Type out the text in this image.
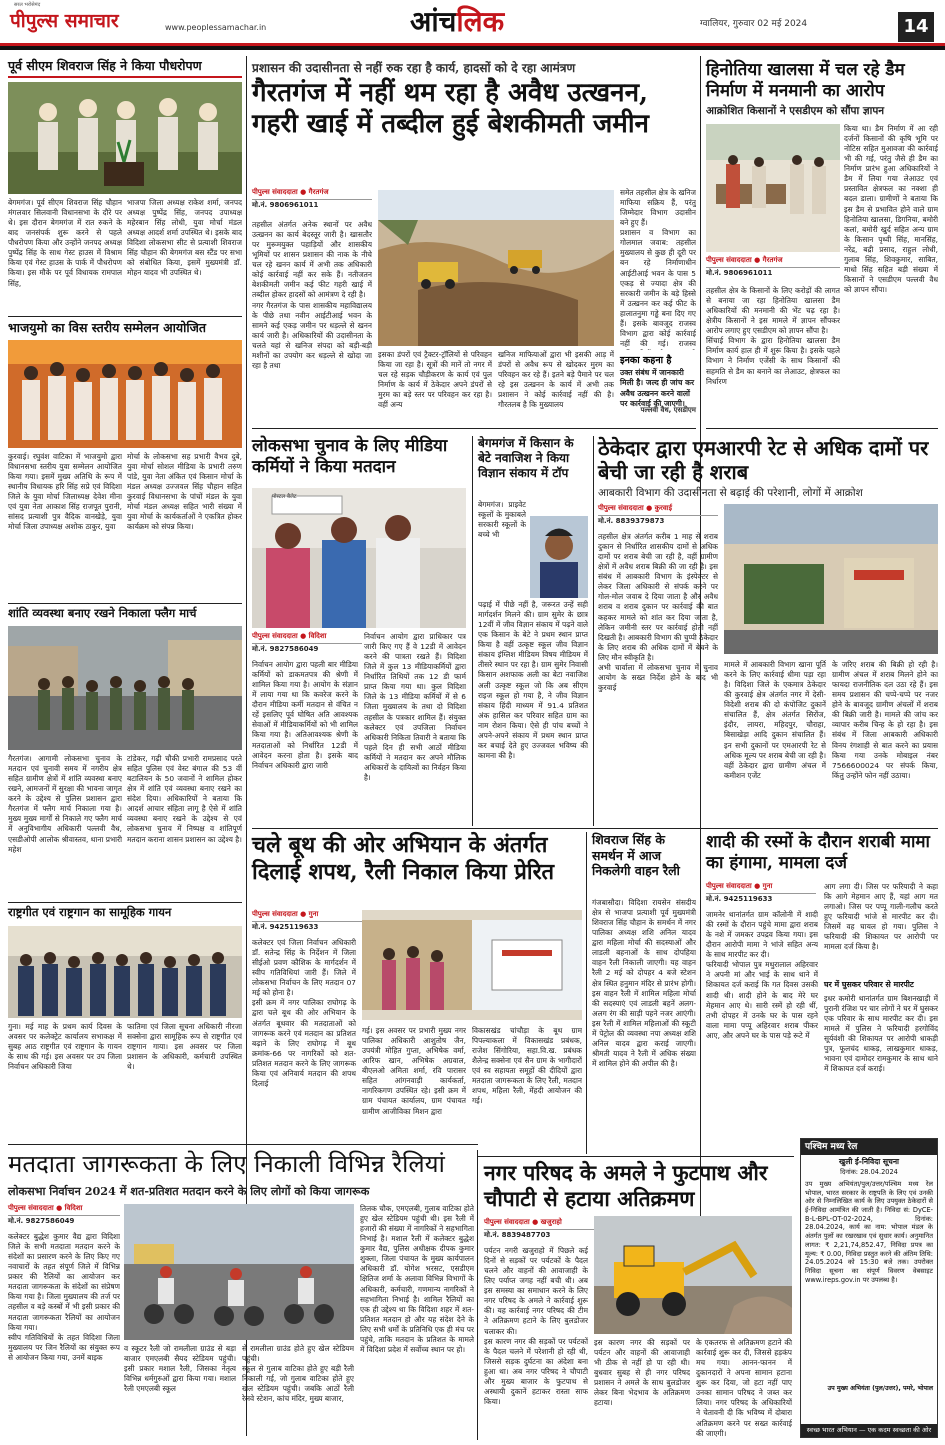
सरल भरोसेमंद
पीपुल्स समाचार	www.peoplessamachar.in	आंचलिक	ग्वालियर, गुरुवार 02 मई 2024	14
पूर्व सीएम शिवराज सिंह ने किया पौधरोपण
बेगमगंज। पूर्व सीएम शिवराज सिंह चौहान मंगलवार सिलवानी विधानसभा के दौरे पर थे। इस दौरान बेगमगंज में रात रुकने के बाद जनसंपर्क शुरू करने से पहले पौधरोपण किया और उन्होंने जनपद अध्यक्ष पुष्पेंद्र सिंह के साथ गेस्ट हाउस में विश्राम किया एवं गेस्ट हाउस के पार्क में पौधरोपण किया। इस मौके पर पूर्व विधायक रामपाल सिंह,
भाजपा जिला अध्यक्ष राकेश शर्मा, जनपद अध्यक्ष पुष्पेंद्र सिंह, जनपद उपाध्यक्ष महेरबान सिंह लोधी, युवा मोर्चा मंडल अध्यक्ष आदर्श शर्मा उपस्थित थे। इसके बाद विदिशा लोकसभा सीट से प्रत्याशी शिवराज सिंह चौहान की बेगमगंज बस स्टैंड पर सभा को संबोधित किया, इसमें मुख्यमंत्री डॉ. मोहन यादव भी उपस्थित थे।
भाजयुमो का विस स्तरीय सम्मेलन आयोजित
कुरवाई। रघुवंश वाटिका में भाजयुमो द्वारा विधानसभा स्तरीय युवा सम्मेलन आयोजित किया गया। इसमें मुख्य अतिथि के रूप में स्थानीय विधायक हरि सिंह सप्रे एवं विदिशा जिले के युवा मोर्चा जिलाध्यक्ष देवेश मीना एवं युवा नेता आकाश सिंह राजपूत पुरानी, सांसद प्रत्याशी पुत्र वैदिक वानखेड़े, युवा मोर्चा जिला उपाध्यक्ष अशोक ठाकुर, युवा
मोर्चा के लोकसभा सह प्रभारी वैभव दुबे, युवा मोर्चा सोशल मीडिया के प्रभारी तरुण पांडे, युवा नेता अंकित एवं किसान मोर्चा के मंडल अध्यक्ष उज्जवल सिंह चौहान सहित कुरवाई विधानसभा के पांचों मंडल के युवा मोर्चा मंडल अध्यक्ष सहित भारी संख्या में युवा मोर्चा के कार्यकर्ताओं ने एकत्रित होकर कार्यक्रम को संपन्न किया।
शांति व्यवस्था बनाए रखने निकाला फ्लैग मार्च
गैरतगंज। आगामी लोकसभा चुनाव के मतदान एवं चुनावी समय में नगरीय क्षेत्र सहित ग्रामीण क्षेत्रों में शांति व्यवस्था बनाए रखने, आमजनों में सुरक्षा की भावना जागृत करने के उद्देश्य से पुलिस प्रशासन द्वारा गैरतगंज में फ्लैग मार्च निकाला गया है। मुख्य मुख्य मार्गों से निकाले गए फ्लैग मार्च में अनुविभागीय अधिकारी पल्लवी वैध, एसडीओपी आलोक श्रीवास्तव, थाना प्रभारी महेश
टांडेकर, गढ़ी चौकी प्रभारी रामप्रसाद परते सहित पुलिस एवं वेस्ट बंगाल की 53 वीं बटालियन के 50 जवानों ने शामिल होकर क्षेत्र में शांति एवं व्यवस्था बनाए रखने का संदेश दिया। अधिकारियों ने बताया कि आदर्श आचार संहिता लागू है ऐसे में शांति व्यवस्था बनाए रखने के उद्देश्य से एवं लोकसभा चुनाव में निष्पक्ष व शांतिपूर्ण मतदान कराना शासन प्रशासन का उद्देश्य है।
राष्ट्रगीत एवं राष्ट्रगान का सामूहिक गायन
गुना। मई माह के प्रथम कार्य दिवस के अवसर पर कलेक्ट्रेट कार्यालय सभाकक्ष में सुबह आठ राष्ट्रगीत एवं राष्ट्रगान के गायन के साथ की गई। इस अवसर पर उप जिला निर्वाचन अधिकारी जिया
फातिमा एवं जिला सूचना अधिकारी नीरजा सक्सेना द्वारा सामूहिक रूप से राष्ट्रगीत एवं राष्ट्रगान गाया। इस अवसर पर जिला प्रशासन के अधिकारी, कर्मचारी उपस्थित थे।
प्रशासन की उदासीनता से नहीं रुक रहा है कार्य, हादसों को दे रहा आमंत्रण
गैरतगंज में नहीं थम रहा है अवैध उत्खनन, गहरी खाई में तब्दील हुई बेशकीमती जमीन
पीपुल्स संवाददाता ● गैरतगंज
मो.नं. 9806961011
तहसील अंतर्गत अनेक स्थानों पर अवैध उत्खनन का कार्य बेदस्तूर जारी है। खासतौर पर मुरूमयुक्त पहाड़ियों और शासकीय भूमियों पर शासन प्रशासन की नाक के नीचे चल रहे खनन कार्य में अभी तक अधिकारी कोई कार्रवाई नहीं कर सके हैं। नतीजतन बेशकीमती जमीन कई फीट गहरी खाई में तब्दील होकर हादसों को आमंत्रण दे रही है।
नगर गैरतगंज के पास शासकीय महाविद्यालय के पीछे तथा नवीन आईटीआई भवन के सामने कई एकड़ जमीन पर धड़ल्ले से खनन कार्य जारी है। अधिकारियों की उदासीनता के चलते यहां से खनिज संपदा को बड़ी-बड़ी मशीनों का उपयोग कर धड़ल्ले से खोदा जा रहा है तथा
इसका डंपरों एवं ट्रैक्टर-ट्रॉलियों से परिवहन किया जा रहा है। सूत्रों की मानें तो नगर में चल रहे सड़क चौड़ीकरण के कार्य एवं पुल निर्माण के कार्य में ठेकेदार अपने डंपरों से मुरम का बड़े स्तर पर परिवहन कर रहा है। वहीं अन्य
खनिज माफियाओं द्वारा भी इसकी आड़ में डंपरों से अवैध रूप से खोदकर मुरम का परिवहन कर रहे हैं। इतने बड़े पैमाने पर चल रहे इस उत्खनन के कार्य में अभी तक प्रशासन ने कोई कार्रवाई नहीं की है। गौरतलब है कि मुख्यालय
समेत तहसील क्षेत्र के खनिज माफिया सक्रिय हैं, परंतु जिम्मेदार विभाग उदासीन बने हुए हैं।
प्रशासन व विभाग का गोलमाल जवाब: तहसील मुख्यालय से कुछ ही दूरी पर बन रहे निर्माणाधीन आईटीआई भवन के पास 5 एकड़ से ज्यादा क्षेत्र की सरकारी जमीन के बड़े हिस्से में उत्खनन कर कई फीट के हालातनुमा गड्ढे बना दिए गए हैं। इसके बावजूद राजस्व विभाग द्वारा कोई कार्रवाई नहीं की गई। राजस्व
इनका कहना है
उक्त संबंध में जानकारी मिली है। जल्द ही जांच कर अवैध उत्खनन करने वालों पर कार्रवाई की जाएगी।
पल्लवी वैध, एसडीएम
हिनोतिया खालसा में चल रहे डैम निर्माण में मनमानी का आरोप
आक्रोशित किसानों ने एसडीएम को सौंपा ज्ञापन
पीपुल्स संवाददाता ● गैरतगंज
मो.नं. 9806961011
किया था। डैम निर्माण में आ रही दर्जनों किसानों की कृषि भूमि पर नोटिस सहित मुआवजा की कार्रवाई भी की गई, परंतु जैसे ही डैम का निर्माण प्रारंभ हुआ अधिकारियों ने डैम में लिया गया लेआउट एवं प्रस्तावित क्षेत्रफल का नक्शा ही बदल डाला। ग्रामीणों ने बताया कि इस डैम से प्रभावित होने वाले ग्राम हिनोतिया खालसा, डिगनिया, बमोरी कलां, बमोरी खुर्द सहित अन्य ग्राम के किसान पृथ्वी सिंह, मानसिंह, नरेंद्र, बद्री प्रसाद, राहुल लोधी, गुलाब सिंह, शिवकुमार, साबित, माधो सिंह सहित बड़ी संख्या में किसानों ने एसडीएम पल्लवी वैध को ज्ञापन सौंपा।
तहसील क्षेत्र के किसानों के लिए करोड़ों की लागत से बनाया जा रहा हिनोतिया खालसा डैम अधिकारियों की मनमानी की भेंट चढ़ रहा है। क्षेत्रीय किसानों ने इस मामले में ज्ञापन सौंपकर आरोप लगाए हुए एसडीएम को ज्ञापन सौंपा है।
सिंचाई विभाग के द्वारा हिनोतिया खालसा डैम निर्माण कार्य हाल ही में शुरू किया है। इसके पहले विभाग ने निर्माण एजेंसी के साथ किसानों की सहमति से डैम का बनाने का लेआउट, क्षेत्रफल का निर्धारण
लोकसभा चुनाव के लिए मीडिया कर्मियों ने किया मतदान
पोस्टल बैलेट
पीपुल्स संवाददाता ● विदिशा
मो.नं. 9827586049
निर्वाचन आयोग द्वारा पहली बार मीडिया कर्मियों को डाकमतपत्र की श्रेणी में शामिल किया गया है। आयोग के संज्ञान में लाया गया था कि कवरेज करने के दौरान मीडिया कर्मी मतदान से वंचित न रहें इसलिए पूर्व घोषित अति आवश्यक सेवाओं में मीडियाकर्मियों को भी शामिल किया गया है। अतिआवश्यक श्रेणी के मतदाताओं को निर्धारित 12डी में आवेदन करना होता है। इसके बाद निर्वाचन अधिकारी द्वारा जारी
निर्वाचन आयोग द्वारा प्राधिकार पत्र जारी किए गए हैं वे 12डी में आवेदन करने की पात्रता रखते हैं। विदिशा जिले में कुल 13 मीडियाकर्मियों द्वारा निर्धारित तिथियों तक 12 डी फार्म प्राप्त किया गया था। कुल विदिशा जिले के 13 मीडिया कर्मियों में से 6 जिला मुख्यालय के तथा दो विदिशा तहसील के पत्रकार शामिल हैं। संयुक्त कलेक्टर एवं उपजिला निर्वाचन अधिकारी निकिता तिवारी ने बताया कि पहले दिन ही सभी आठों मीडिया कर्मियों ने मतदान कर अपने मौलिक अधिकारों के दायित्वों का निर्वहन किया है।
बेगमगंज में किसान के बेटे नवाजिश ने किया विज्ञान संकाय में टॉप
बेगमगंज। प्राइवेट स्कूलों के मुकाबले सरकारी स्कूलों के बच्चे भी
पढ़ाई में पीछे नहीं है, जरूरत उन्हें सही मार्गदर्शन मिलने की। ग्राम सुमेर के छात्र 12वीं में जीव विज्ञान संकाय में पढ़ने वाले एक किसान के बेटे ने प्रथम स्थान प्राप्त किया है वहीं उत्कृष्ट स्कूल जीव विज्ञान संकाय इंग्लिश मीडियम विषय मीडियम में तीसरे स्थान पर रहा है। ग्राम सुमेर निवासी किसान अशफाक अली का बेटा नवाजिश अली उत्कृष्ट स्कूल जो कि अब सीएम राइज स्कूल हो गया है, ने जीव विज्ञान संकाय हिंदी माध्यम में 91.4 प्रतिशत अंक हासिल कर परिवार सहित ग्राम का नाम रोशन किया। ऐसे ही पांच बच्चों ने अपने-अपने संकाय में प्रथम स्थान प्राप्त कर बचाई देते हुए उज्जवल भविष्य की कामना की है।
ठेकेदार द्वारा एमआरपी रेट से अधिक दामों पर बेची जा रही है शराब
आबकारी विभाग की उदासीनता से बढ़ाई की परेशानी, लोगों में आक्रोश
पीपुल्स संवाददाता ● कुरवाई
मो.नं. 8839379873
तहसील क्षेत्र अंतर्गत करीब 1 माह से शराब दुकान से निर्धारित शासकीय दामों से अधिक दामों पर शराब बेची जा रही है, वहीं ग्रामीण क्षेत्रों में अवैध शराब बिक्री की जा रही है। इस संबंध में आबकारी विभाग के इंस्पेक्टर से लेकर जिला अधिकारी से संपर्क करने पर गोल-मोल जवाब दे दिया जाता है और अवैध शराब व शराब दुकान पर कार्रवाई की बात कहकर मामले को शांत कर दिया जाता है, लेकिन जमीनी स्तर पर कार्रवाई होती नहीं दिखती है। आबकारी विभाग की चुप्पी ठेकेदार के लिए शराब की अधिक दामों में बेचने के लिए मौन स्वीकृति है।
अभी चार्वाला में लोकसभा चुनाव में चुनाव आयोग के सख्त निर्देश होने के बाद भी कुरवाई
मामले में आबकारी विभाग खाना पूर्ति करने के लिए कार्रवाई धीमा पड़ा रहा है। विदिशा जिले के एकमात्र ठेकेदार की कुरवाई क्षेत्र अंतर्गत नगर में देसी-विदेशी शराब की दो कंपोजिट दुकानें संचालित हैं, क्षेत्र अंतर्गत सिरोंज, इंदौर, लायरा, महिदपुर, चौराहा, बिसाखेड़ा आदि दुकान संचालित हैं। इन सभी दुकानों पर एमआरपी रेट से अधिक मूल्य पर शराब बेची जा रही है। वहीं ठेकेदार द्वारा ग्रामीण अंचल में कमीशन एजेंट
के जरिए शराब की बिक्री हो रही है। ग्रामीण अंचल में शराब मिलने होने का फायदा राजनीतिक दल उठा रहे हैं। इस समय प्रशासन की चप्पे-चप्पे पर नजर होने के बावजूद ग्रामीण अंचलों में शराब की बिक्री जारी है। मामले की जांच कर व्यापार करीब चिन्ह के हो रहा है। इस संबंध में जिला आबकारी अधिकारी विनय रंगशाही से बात करने का प्रयास किया गया उनके मोबाइल नंबर 7566600024 पर संपर्क किया, किंतु उन्होंने फोन नहीं उठाया।
चले बूथ की ओर अभियान के अंतर्गत दिलाई शपथ, रैली निकाल किया प्रेरित
पीपुल्स संवाददाता ● गुना
मो.नं. 9425119633
कलेक्टर एवं जिला निर्वाचन अधिकारी डॉ. सतेन्द्र सिंह के निर्देशन में जिला सीईओ प्रवण कौशिक के मार्गदर्शन में स्वीप गतिविधियां जारी हैं। जिले में लोकसभा निर्वाचन के लिए मतदान 07 मई को होना है।
इसी क्रम में नगर पालिका राघोगढ़ के द्वारा चले बूथ की ओर अभियान के अंतर्गत बूथवार की मतदाताओं को जागरूक करने एवं मतदान का प्रतिशत बढ़ाने के लिए राघोगढ़ में बूथ क्रमांक-66 पर नागरिकों को शत-प्रतिशत मतदान करने के लिए जागरूक किया एवं अनिवार्य मतदान की शपथ दिलाई
गई। इस अवसर पर प्रभारी मुख्य नगर पालिका अधिकारी आशुतोष जैन, उपयंत्री मोहित गुप्ता, अभिषेक वर्मा, आरिफ खान, अभिषेक अग्रवाल, बीएलओ अमिता शर्मा, रवि पारासर सहित आंगनवाड़ी कार्यकर्ता, नागरिकगण उपस्थित रहे। इसी क्रम में ग्राम पंचायत कार्यालय, ग्राम पंचायत ग्रामीण आजीविका मिशन द्वारा
विकासखंड चांचौड़ा के बूथ ग्राम पिपल्याकला में विकासखंड प्रबंधक, राजेश सिंगोरिया, सहा.वि.ख. प्रबंधक शैलेन्द्र सक्सेना एवं सैन ग्राम के भागीदारों एवं स्व सहायता समूहों की दीदियों द्वारा मतदाता जागरूकता के लिए रैली, मतदान शपथ, महिला रैली, मेंहदी आयोजन की गई।
शिवराज सिंह के समर्थन में आज निकलेगी वाहन रैली
गंजबासौदा। विदिशा रायसेन संसदीय क्षेत्र से भाजपा प्रत्याशी पूर्व मुख्यमंत्री शिवराज सिंह चौहान के समर्थन में नगर पालिका अध्यक्ष शशि अनिल यादव द्वारा महिला मोर्चा की सदस्याओं और लाडली बहनाओं के साथ दोपहिया वाहन रैली निकाली जाएगी। यह वाहन रैली 2 मई को दोपहर 4 बजे स्टेशन क्षेत्र स्थित हनुमान मंदिर से प्रारंभ होगी। इस वाहन रैली में शामिल महिला मोर्चा की सदस्याएं एवं लाडली बहनें अलग-अलग रंग की साड़ी पहने नजर आएंगी। इस रैली में शामिल महिलाओं की स्कूटी में पेट्रोल की व्यवस्था नपा अध्यक्ष शशि अनिल यादव द्वारा कराई जाएगी। श्रीमती यादव ने रैली में अधिक संख्या में शामिल होने की अपील की है।
शादी की रस्मों के दौरान शराबी मामा का हंगामा, मामला दर्ज
पीपुल्स संवाददाता ● गुना
मो.नं. 9425119633
जामनेर थानांतर्गत ग्राम कॉलोनी में शादी की रस्मों के दौरान पहुंचे मामा द्वारा शराब के नशे में जमकर उपद्रव किया गया। इस दौरान आरोपी मामा ने भांजे सहित अन्य के साथ मारपीट कर दी।
फरियादी भोपाल पुत्र मथुरालाल अहिरवार ने अपनी मां और भाई के साथ थाने में शिकायत दर्ज कराई कि गत दिवस उसकी शादी थी। शादी होने के बाद मेरे घर मेहमान आए थे। सारी रस्में हो रही थीं, तभी दोपहर में उनके घर के पास रहने वाला मामा पप्पू अहिरवार शराब पीकर आए, और अपने घर के पास पड़े रूटे में
आग लगा दी। जिस पर फरियादी ने कहा कि आगे मेहमान आए हैं, यहां आग मत लगाओ। जिस पर पप्पू गाली-गलौच करते हुए फरियादी भांजे से मारपीट कर दी। जिसमें वह घायल हो गया। पुलिस ने फरियादी की शिकायत पर आरोपी पर मामला दर्ज किया है।
घर में घुसकर परिवार से मारपीट
इधर कमोरी थानांतर्गत ग्राम बिशनखाड़ी में पुरानी रंजिश पर चार लोगों ने घर में घुसकर एक परिवार के साथ मारपीट कर दी। इस मामले में पुलिस ने फरियादी हरगोविंद सूर्यवंशी की शिकायत पर आरोपी धाकड़ी पुत्र, फूलचंद धाकड़, लाखकुमार धाकड़, भावना एवं दामोदर रामकुमार के साथ थाने में शिकायत दर्ज कराई।
मतदाता जागरूकता के लिए निकाली विभिन्न रैलियां
लोकसभा निर्वाचन 2024 में शत-प्रतिशत मतदान करने के लिए लोगों को किया जागरूक
पीपुल्स संवाददाता ● विदिशा
मो.नं. 9827586049
कलेक्टर बुद्धेश कुमार वैद्य द्वारा विदिशा जिले के सभी मतदाता मतदान करने के संदेशों का प्रसारण करने के लिए किए गए नवाचारों के तहत संपूर्ण जिले में विभिन्न प्रकार की रैलियों का आयोजन कर मतदाता जागरूकता के संदेशों का संप्रेषण किया गया है। जिला मुख्यालय की तर्ज पर तहसील व बड़े कस्बों में भी इसी प्रकार की मतदाता जागरूकता रैलियों का आयोजन किया गया।
स्वीप गतिविधियों के तहत विदिशा जिला मुख्यालय पर जिन रैलियों का संयुक्त रूप से आयोजन किया गया, उनमें बाइक
व स्कूटर रैली जो रामलीला ग्राउंड से बड़ा बाजार एमएलबी सैयद स्टेडियम पहुंची। इसी प्रकार मशाल रैली, जिसका नेतृत्व विभिन्न धर्मगुरुओं द्वारा किया गया। मशाल रैली एमएलबी स्कूल
से रामलीला ग्राउंड होते हुए खेल स्टेडियम पहुंची।
स्कूल से गुलाब वाटिका होते हुए बड़ी रैली निकाली गई, जो गुलाब वाटिका होते हुए खेल स्टेडियम पहुंची। जबकि आठों रैली रेलवे स्टेशन, कांच मंदिर, मुख्य बाजार,
तिलक चौक, एमएलबी, गुलाब वाटिका होते हुए खेल स्टेडियम पहुंची थी। इस रैली में हजारों की संख्या में नागरिकों ने सहभागिता निभाई है। मशाल रैली में कलेक्टर बुद्धेश कुमार वैद्य, पुलिस अधीक्षक दीपक कुमार शुक्ला, जिला पंचायत के मुख्य कार्यपालन अधिकारी डॉ. योगेश भरसट, एसडीएम क्षितिज शर्मा के अलावा विभिन्न विभागों के अधिकारी, कर्मचारी, गणमान्य नागरिकों ने सहभागिता निभाई है। शामिल रैलियों का एक ही उद्देश्य था कि विदिशा शहर में शत-प्रतिशत मतदान हो और यह संदेश देने के लिए सभी धर्मों के प्रतिनिधि एक ही मंच पर पहुंचे, ताकि मतदान के प्रतिशत के मामले में विदिशा प्रदेश में सर्वोच्च स्थान पर हो।
नगर परिषद के अमले ने फुटपाथ और चौपाटी से हटाया अतिक्रमण
पीपुल्स संवाददाता ● खजुराहो
मो.नं. 8839487703
पर्यटन नगरी खजुराहो में पिछले कई दिनों से सड़कों पर पर्यटकों के पैदल चलने और वाहनों की आवाजाही के लिए पर्याप्त जगह नहीं बची थी। अब इस समस्या का समाधान करने के लिए नगर परिषद के अमले ने कार्रवाई शुरू की। यह कार्रवाई नगर परिषद की टीम ने अतिक्रमण हटाने के लिए बुलडोजर चलाकर की।
इस कारण नगर की सड़कों पर पर्यटकों के पैदल चलने में परेशानी हो रही थी, जिससे सड़क दुर्घटना का अंदेशा बना हुआ था। अब नगर परिषद ने चौपाटी और मुख्य बाजार के फुटपाथ से अस्थायी दुकानें हटाकर रास्ता साफ किया।
इस कारण नगर की सड़कों पर पर्यटन और वाहनों की आवाजाही भी ठीक से नहीं हो पा रही थी। बुधवार सुबह से ही नगर परिषद प्रशासन ने अमले के साथ बुलडोजर लेकर बिना भेदभाव के अतिक्रमण हटाया।
के एकतरफ से अतिक्रमण हटाने की कार्रवाई शुरू कर दी, जिससे हड़कंप मच गया। आनन-फानन में दुकानदारों ने अपना सामान हटाना शुरू कर दिया, जो हटा नहीं पाए उनका सामान परिषद ने जब्त कर लिया। नगर परिषद के अधिकारियों ने चेतावनी दी कि भविष्य में दोबारा अतिक्रमण करने पर सख्त कार्रवाई की जाएगी।
पश्चिम मध्य रेल
खुली ई-निविदा सूचना
दिनांक: 28.04.2024
उप मुख्य अभियंता/पुल/उत्तर/पश्चिम मध्य रेल भोपाल, भारत सरकार के राष्ट्रपति के लिए एवं उनकी ओर से निम्नलिखित कार्य के लिए उपयुक्त ठेकेदारों से ई-निविदा आमंत्रित की जाती है। निविदा सं: DyCE-B-L-BPL-OT-02-2024, दिनांक: 28.04.2024, कार्य का नाम: भोपाल मंडल के अंतर्गत पुलों का रखरखाव एवं सुधार कार्य। अनुमानित लागत: ₹ 2,21,74,852.47, निविदा प्रपत्र का मूल्य: ₹ 0.00, निविदा प्रस्तुत करने की अंतिम तिथि: 24.05.2024 को 15:30 बजे तक। उपरोक्त निविदा सूचना का संपूर्ण विवरण वेबसाइट www.ireps.gov.in पर उपलब्ध है।
उप मुख्य अभियंता (पुल/उत्तर), पमरे, भोपाल
स्वच्छ भारत अभियान — एक कदम स्वच्छता की ओर
